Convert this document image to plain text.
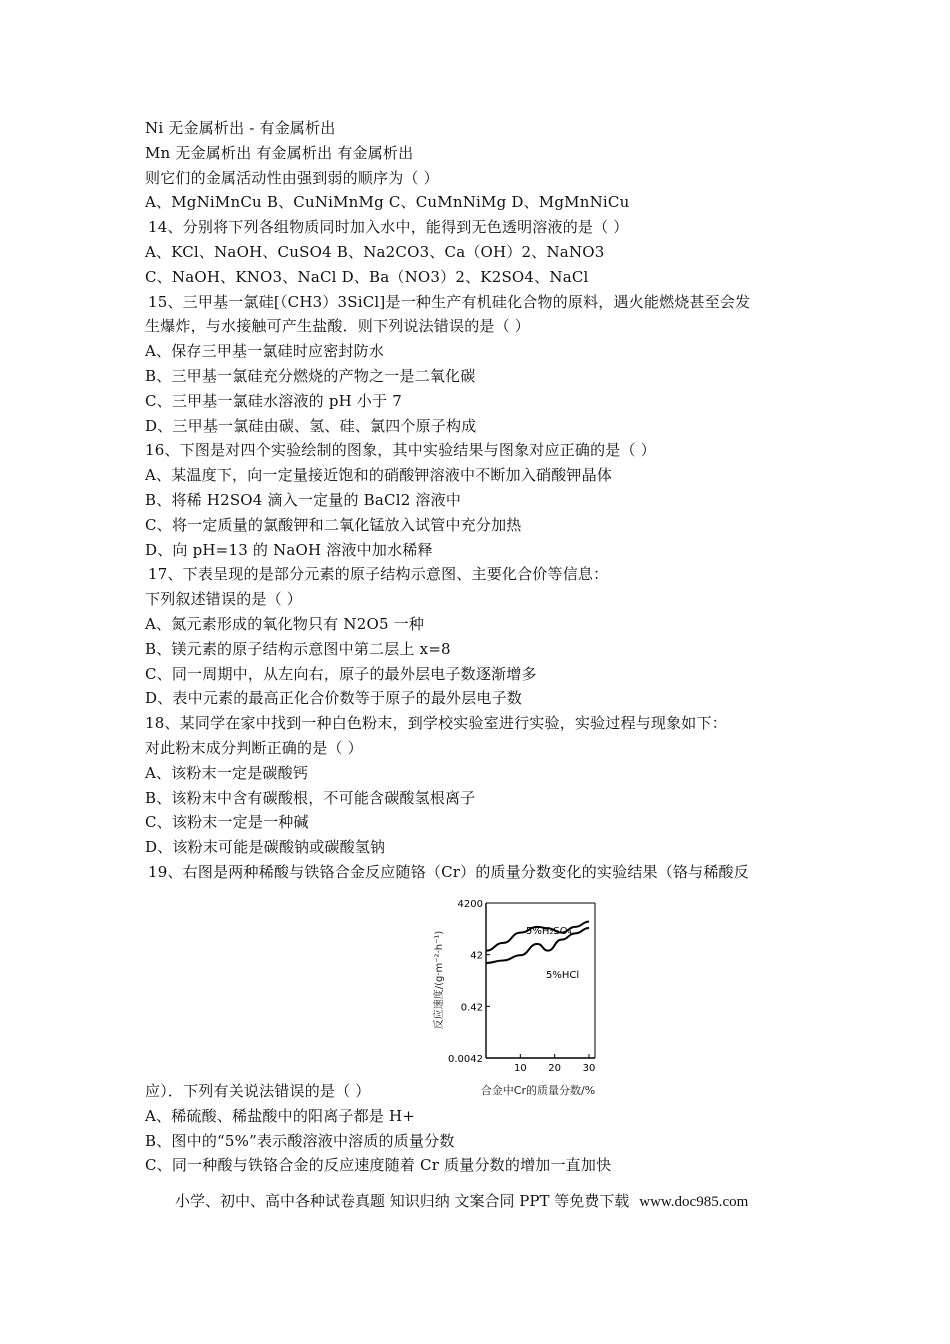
Ni 无金属析出 - 有金属析出
Mn 无金属析出 有金属析出 有金属析出
则它们的金属活动性由强到弱的顺序为（ ）
A、MgNiMnCu B、CuNiMnMg C、CuMnNiMg D、MgMnNiCu
14、分别将下列各组物质同时加入水中，能得到无色透明溶液的是（ ）
A、KCl、NaOH、CuSO4 B、Na2CO3、Ca（OH）2、NaNO3
C、NaOH、KNO3、NaCl D、Ba（NO3）2、K2SO4、NaCl
15、三甲基一氯硅[（CH3）3SiCl]是一种生产有机硅化合物的原料，遇火能燃烧甚至会发
生爆炸，与水接触可产生盐酸．则下列说法错误的是（ ）
A、保存三甲基一氯硅时应密封防水
B、三甲基一氯硅充分燃烧的产物之一是二氧化碳
C、三甲基一氯硅水溶液的 pH 小于 7
D、三甲基一氯硅由碳、氢、硅、氯四个原子构成
16、下图是对四个实验绘制的图象，其中实验结果与图象对应正确的是（ ）
A、某温度下，向一定量接近饱和的硝酸钾溶液中不断加入硝酸钾晶体
B、将稀 H2SO4 滴入一定量的 BaCl2 溶液中
C、将一定质量的氯酸钾和二氧化锰放入试管中充分加热
D、向 pH=13 的 NaOH 溶液中加水稀释
17、下表呈现的是部分元素的原子结构示意图、主要化合价等信息：
下列叙述错误的是（ ）
A、氮元素形成的氧化物只有 N2O5 一种
B、镁元素的原子结构示意图中第二层上 x=8
C、同一周期中，从左向右，原子的最外层电子数逐渐增多
D、表中元素的最高正化合价数等于原子的最外层电子数
18、某同学在家中找到一种白色粉末，到学校实验室进行实验，实验过程与现象如下：
对此粉末成分判断正确的是（ ）
A、该粉末一定是碳酸钙
B、该粉末中含有碳酸根，不可能含碳酸氢根离子
C、该粉末一定是一种碱
D、该粉末可能是碳酸钠或碳酸氢钠
19、右图是两种稀酸与铁铬合金反应随铬（Cr）的质量分数变化的实验结果（铬与稀酸反
应）．下列有关说法错误的是（ ）
A、稀硫酸、稀盐酸中的阳离子都是 H+
B、图中的“5%”表示酸溶液中溶质的质量分数
C、同一种酸与铁铬合金的反应速度随着 Cr 质量分数的增加一直加快
反应速度/(g·m⁻²·h⁻¹)
4200
42
0.42
0.0042
10 20 30
5%H₂SO₄
5%HCl
合金中Cr的质量分数/%
小学、初中、高中各种试卷真题 知识归纳 文案合同 PPT 等免费下载 www.doc985.com
